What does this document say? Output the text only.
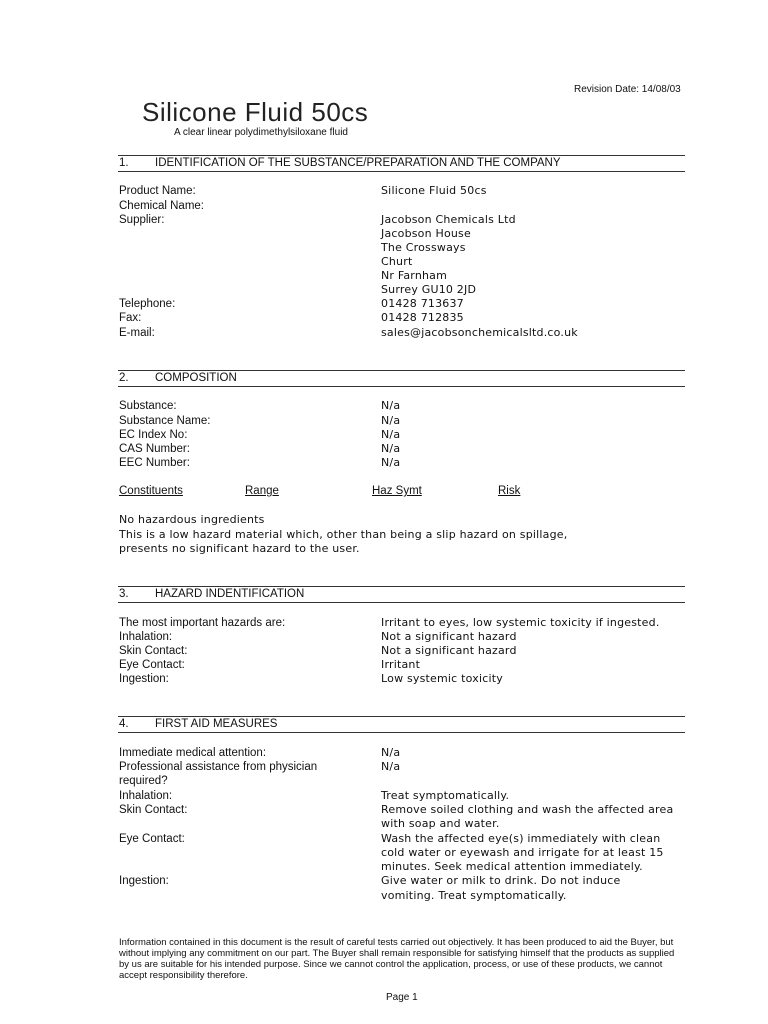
Revision Date: 14/08/03
Silicone Fluid 50cs
A clear linear polydimethylsiloxane fluid
1. IDENTIFICATION OF THE SUBSTANCE/PREPARATION AND THE COMPANY
Product Name:	Silicone Fluid 50cs
Chemical Name:
Supplier:	Jacobson Chemicals Ltd
Jacobson House
The Crossways
Churt
Nr Farnham
Surrey GU10 2JD
Telephone:	01428 713637
Fax:	01428 712835
E-mail:	sales@jacobsonchemicalsltd.co.uk
2. COMPOSITION
Substance:	N/a
Substance Name:	N/a
EC Index No:	N/a
CAS Number:	N/a
EEC Number:	N/a
Constituents	Range	Haz Symt	Risk
No hazardous ingredients
This is a low hazard material which, other than being a slip hazard on spillage,
presents no significant hazard to the user.
3. HAZARD INDENTIFICATION
The most important hazards are:	Irritant to eyes, low systemic toxicity if ingested.
Inhalation:	Not a significant hazard
Skin Contact:	Not a significant hazard
Eye Contact:	Irritant
Ingestion:	Low systemic toxicity
4. FIRST AID MEASURES
Immediate medical attention:	N/a
Professional assistance from physician	N/a
required?
Inhalation:	Treat symptomatically.
Skin Contact:	Remove soiled clothing and wash the affected area
with soap and water.
Eye Contact:	Wash the affected eye(s) immediately with clean
cold water or eyewash and irrigate for at least 15
minutes. Seek medical attention immediately.
Ingestion:	Give water or milk to drink. Do not induce
vomiting. Treat symptomatically.
Information contained in this document is the result of careful tests carried out objectively. It has been produced to aid the Buyer, but without implying any commitment on our part. The Buyer shall remain responsible for satisfying himself that the products as supplied by us are suitable for his intended purpose. Since we cannot control the application, process, or use of these products, we cannot accept responsibility therefore.
Page 1
